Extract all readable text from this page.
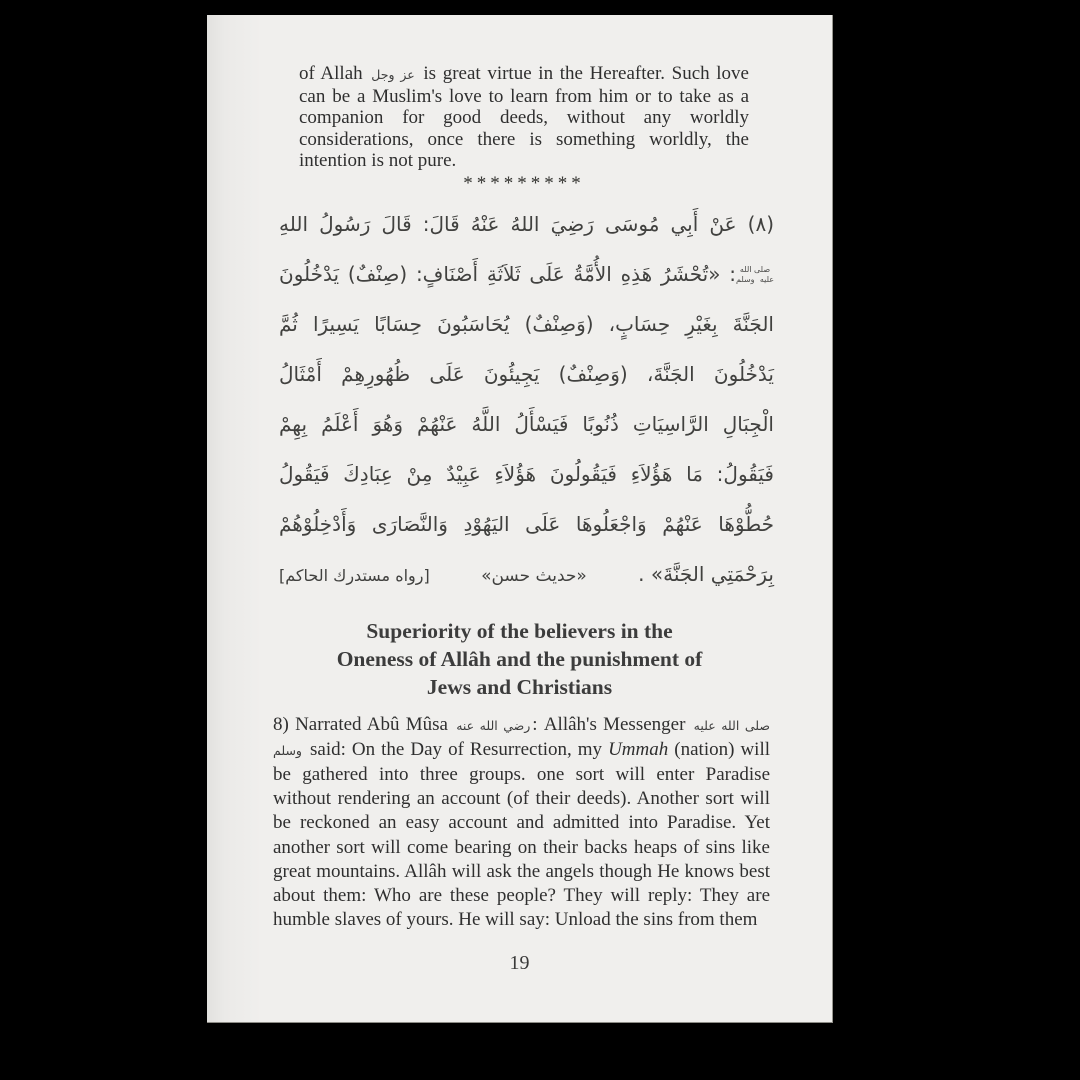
of Allah عز وجل is great virtue in the Hereafter. Such love can be a Muslim's love to learn from him or to take as a companion for good deeds, without any worldly considerations, once there is something worldly, the intention is not pure.

*********
(٨) عَنْ أَبِي مُوسَى رَضِيَ اللهُ عَنْهُ قَالَ: قَالَ رَسُولُ اللهِ
صلى الله عليه وسلم: «تُحْشَرُ هَذِهِ الأُمَّةُ عَلَى ثَلاَثَةِ أَصْنَافٍ: (صِنْفٌ) يَدْخُلُونَ
الجَنَّةَ بِغَيْرِ حِسَابٍ، (وَصِنْفٌ) يُحَاسَبُونَ حِسَابًا يَسِيرًا ثُمَّ
يَدْخُلُونَ الجَنَّةَ، (وَصِنْفٌ) يَجِيئُونَ عَلَى ظُهُورِهِمْ أَمْثَالُ
الْجِبَالِ الرَّاسِيَاتِ ذُنُوبًا فَيَسْأَلُ اللَّهُ عَنْهُمْ وَهُوَ أَعْلَمُ بِهِمْ
فَيَقُولُ: مَا هَؤُلاَءِ فَيَقُولُونَ هَؤُلاَءِ عَبِيْدٌ مِنْ عِبَادِكَ فَيَقُولُ
حُطُّوْهَا عَنْهُمْ وَاجْعَلُوهَا عَلَى اليَهُوْدِ وَالنَّصَارَى وَأَدْخِلُوْهُمْ
بِرَحْمَتِي الجَنَّةَ» .
«حديث حسن»
[رواه مستدرك الحاكم]
Superiority of the believers in the
Oneness of Allâh and the punishment of
Jews and Christians

8) Narrated Abû Mûsa رضي الله عنه : Allâh's Messenger صلى الله عليه وسلم said: On the Day of Resurrection, my Ummah (nation) will be gathered into three groups. one sort will enter Paradise without rendering an account (of their deeds). Another sort will be reckoned an easy account and admitted into Paradise. Yet another sort will come bearing on their backs heaps of sins like great mountains. Allâh will ask the angels though He knows best about them: Who are these people? They will reply: They are humble slaves of yours. He will say: Unload the sins from them

19
